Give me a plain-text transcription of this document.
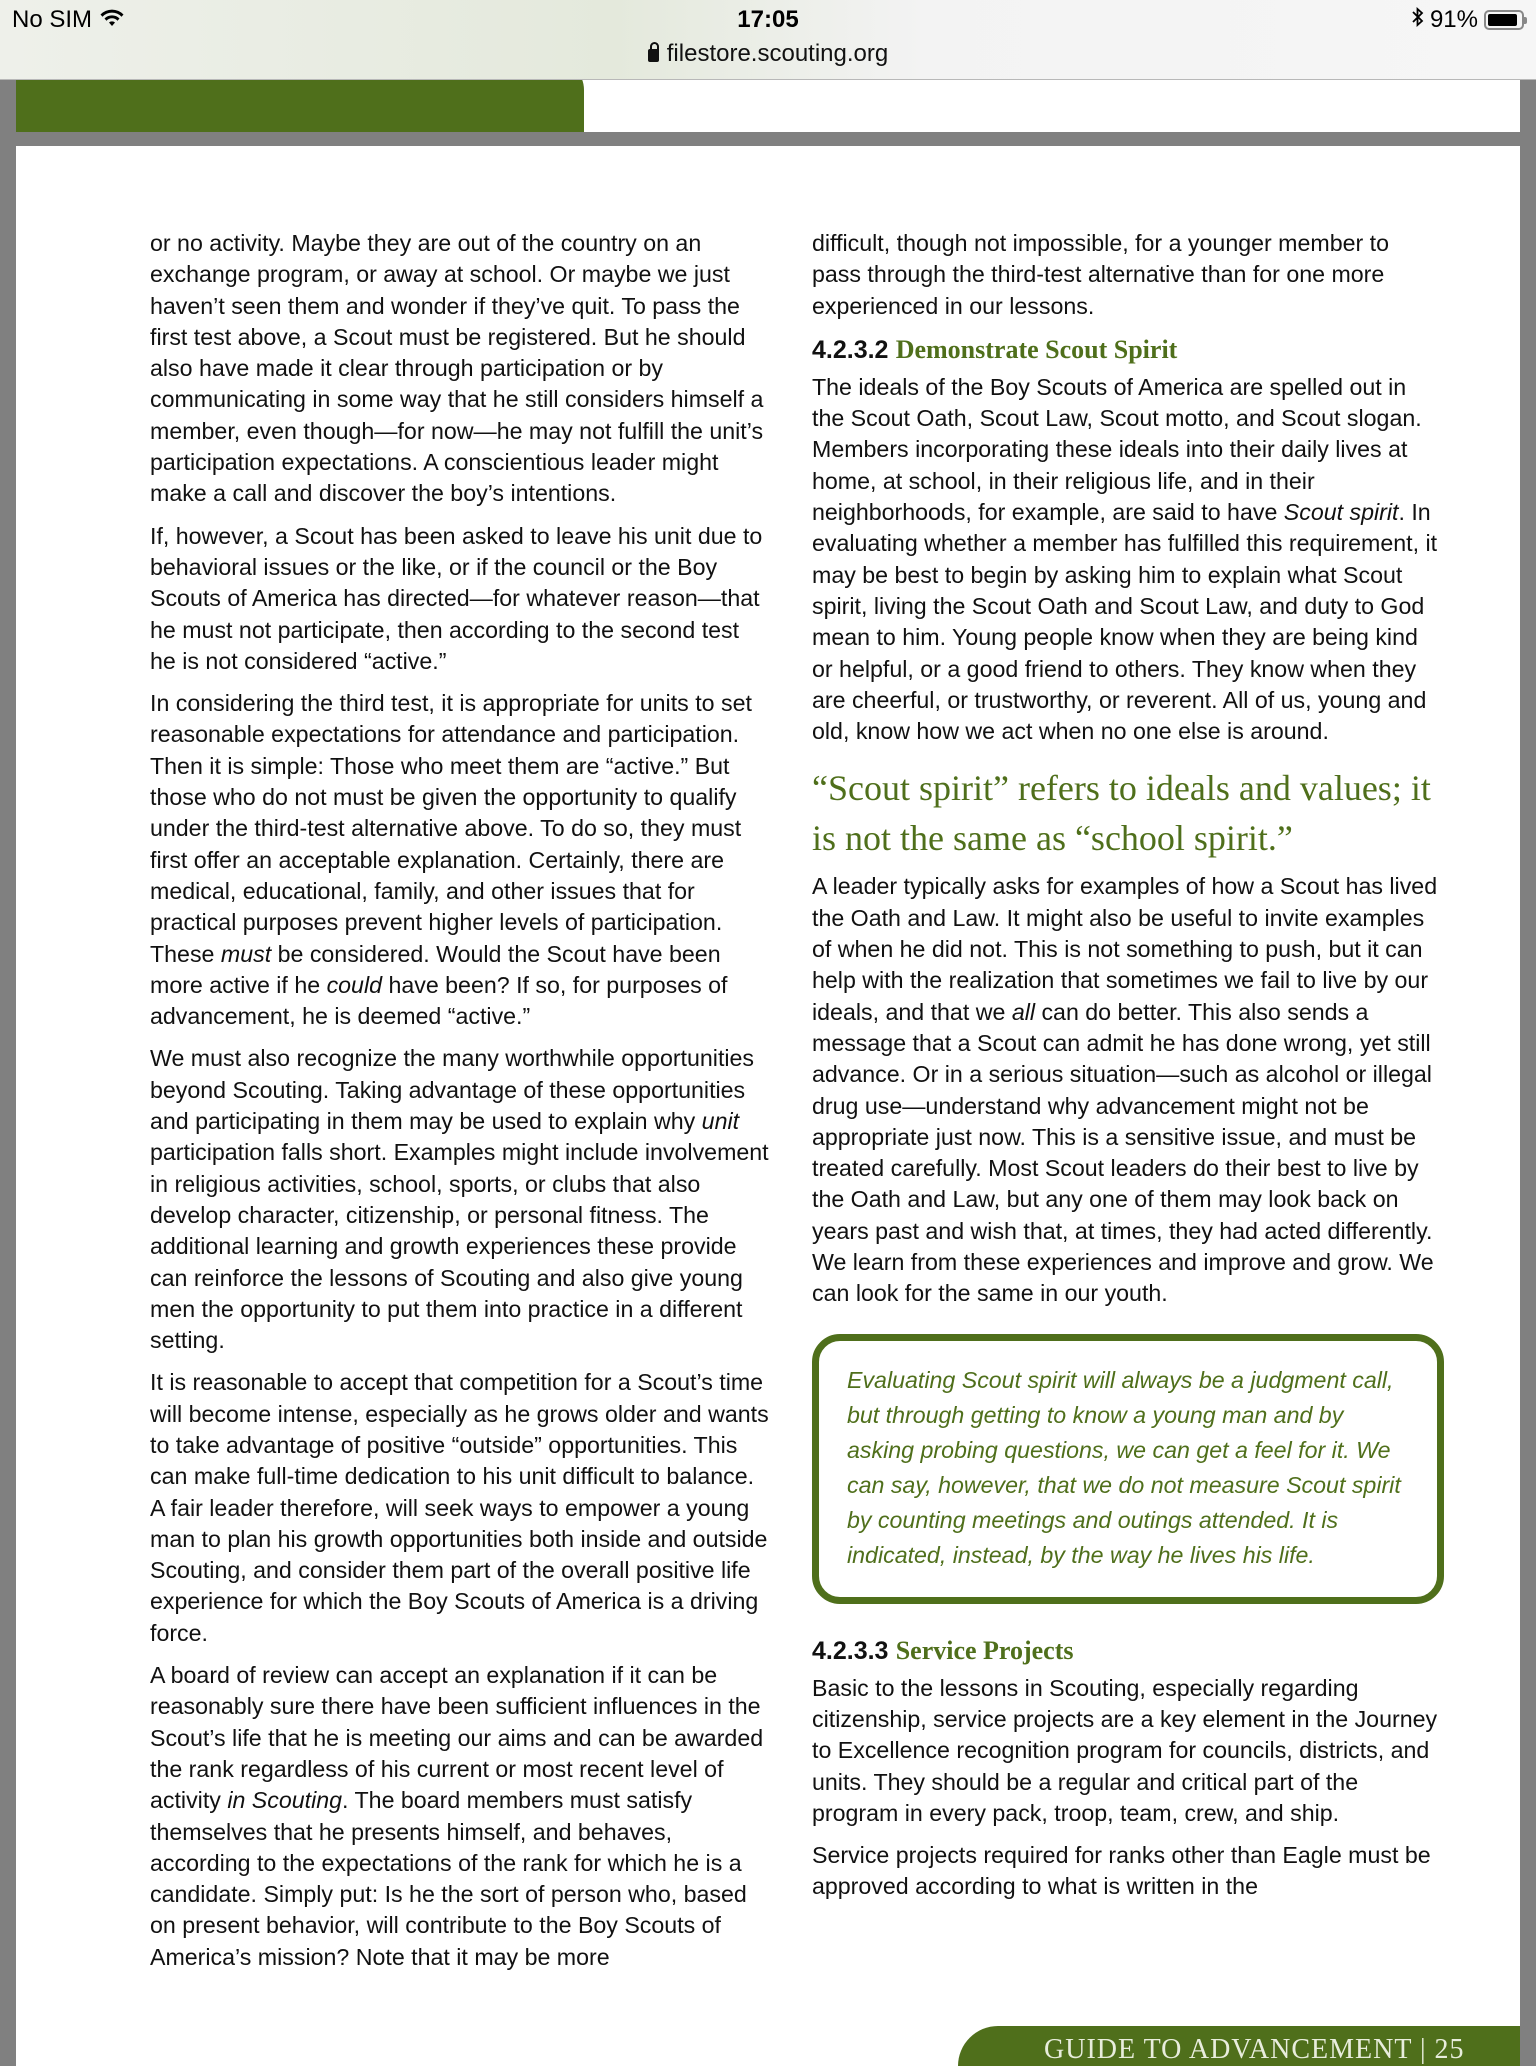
No SIM	17:05	91%
filestore.scouting.org

or no activity. Maybe they are out of the country on an exchange program, or away at school. Or maybe we just haven’t seen them and wonder if they’ve quit. To pass the first test above, a Scout must be registered. But he should also have made it clear through participation or by communicating in some way that he still considers himself a member, even though—for now—he may not fulfill the unit’s participation expectations. A conscientious leader might make a call and discover the boy’s intentions.

If, however, a Scout has been asked to leave his unit due to behavioral issues or the like, or if the council or the Boy Scouts of America has directed—for whatever reason—that he must not participate, then according to the second test he is not considered “active.”

In considering the third test, it is appropriate for units to set reasonable expectations for attendance and participation. Then it is simple: Those who meet them are “active.” But those who do not must be given the opportunity to qualify under the third-test alternative above. To do so, they must first offer an acceptable explanation. Certainly, there are medical, educational, family, and other issues that for practical purposes prevent higher levels of participation. These must be considered. Would the Scout have been more active if he could have been? If so, for purposes of advancement, he is deemed “active.”

We must also recognize the many worthwhile opportunities beyond Scouting. Taking advantage of these opportunities and participating in them may be used to explain why unit participation falls short. Examples might include involvement in religious activities, school, sports, or clubs that also develop character, citizenship, or personal fitness. The additional learning and growth experiences these provide can reinforce the lessons of Scouting and also give young men the opportunity to put them into practice in a different setting.

It is reasonable to accept that competition for a Scout’s time will become intense, especially as he grows older and wants to take advantage of positive “outside” opportunities. This can make full-time dedication to his unit difficult to balance. A fair leader therefore, will seek ways to empower a young man to plan his growth opportunities both inside and outside Scouting, and consider them part of the overall positive life experience for which the Boy Scouts of America is a driving force.

A board of review can accept an explanation if it can be reasonably sure there have been sufficient influences in the Scout’s life that he is meeting our aims and can be awarded the rank regardless of his current or most recent level of activity in Scouting. The board members must satisfy themselves that he presents himself, and behaves, according to the expectations of the rank for which he is a candidate. Simply put: Is he the sort of person who, based on present behavior, will contribute to the Boy Scouts of America’s mission? Note that it may be more

difficult, though not impossible, for a younger member to pass through the third-test alternative than for one more experienced in our lessons.

4.2.3.2 Demonstrate Scout Spirit

The ideals of the Boy Scouts of America are spelled out in the Scout Oath, Scout Law, Scout motto, and Scout slogan. Members incorporating these ideals into their daily lives at home, at school, in their religious life, and in their neighborhoods, for example, are said to have Scout spirit. In evaluating whether a member has fulfilled this requirement, it may be best to begin by asking him to explain what Scout spirit, living the Scout Oath and Scout Law, and duty to God mean to him. Young people know when they are being kind or helpful, or a good friend to others. They know when they are cheerful, or trustworthy, or reverent. All of us, young and old, know how we act when no one else is around.

“Scout spirit” refers to ideals and values; it is not the same as “school spirit.”

A leader typically asks for examples of how a Scout has lived the Oath and Law. It might also be useful to invite examples of when he did not. This is not something to push, but it can help with the realization that sometimes we fail to live by our ideals, and that we all can do better. This also sends a message that a Scout can admit he has done wrong, yet still advance. Or in a serious situation—such as alcohol or illegal drug use—understand why advancement might not be appropriate just now. This is a sensitive issue, and must be treated carefully. Most Scout leaders do their best to live by the Oath and Law, but any one of them may look back on years past and wish that, at times, they had acted differently. We learn from these experiences and improve and grow. We can look for the same in our youth.

Evaluating Scout spirit will always be a judgment call, but through getting to know a young man and by asking probing questions, we can get a feel for it. We can say, however, that we do not measure Scout spirit by counting meetings and outings attended. It is indicated, instead, by the way he lives his life.
4.2.3.3 Service Projects

Basic to the lessons in Scouting, especially regarding citizenship, service projects are a key element in the Journey to Excellence recognition program for councils, districts, and units. They should be a regular and critical part of the program in every pack, troop, team, crew, and ship.

Service projects required for ranks other than Eagle must be approved according to what is written in the

GUIDE TO ADVANCEMENT | 25
